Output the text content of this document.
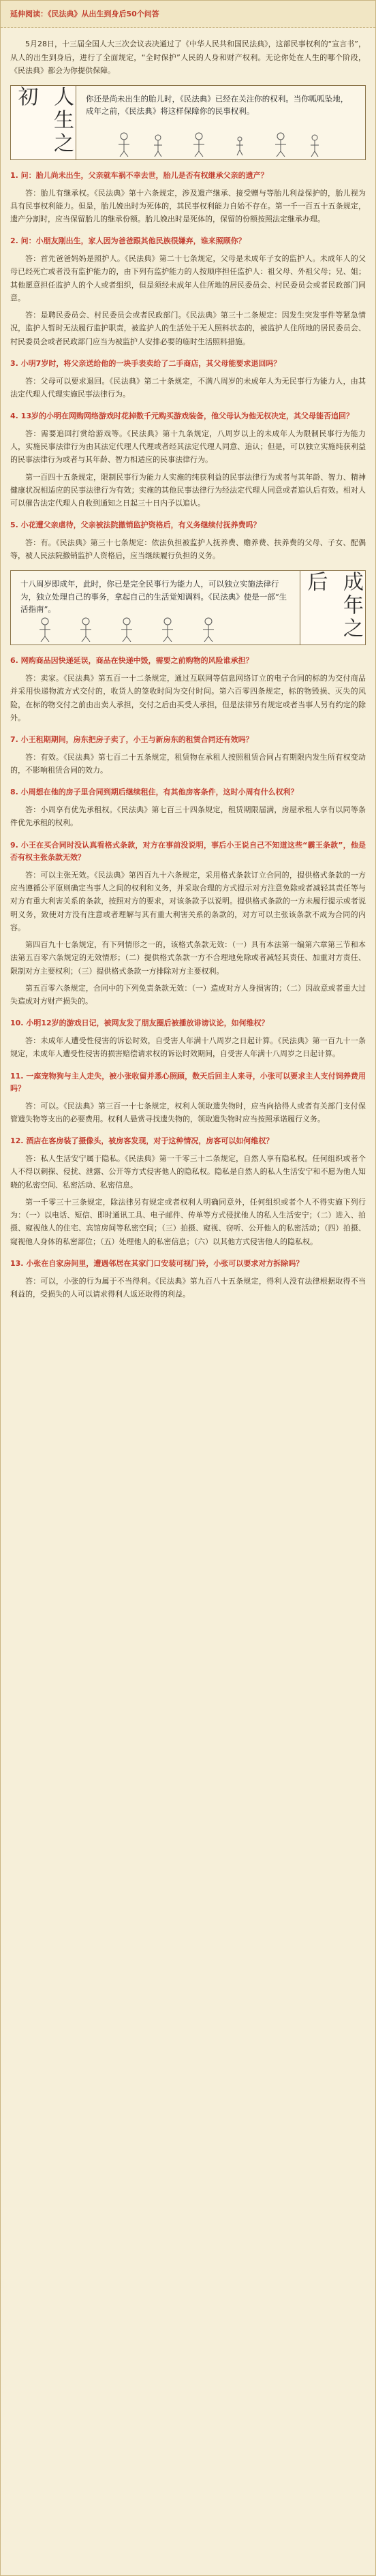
延伸阅读：《民法典》从出生到身后50个问答

5月28日，十三届全国人大三次会议表决通过了《中华人民共和国民法典》，这部民事权利的“宣言书”，从人的出生到身后，进行了全面规定，“全时保护”人民的人身和财产权利。无论你处在人生的哪个阶段，《民法典》都会为你提供保障。

人生之初	你还是尚未出生的胎儿时，《民法典》已经在关注你的权利。当你呱呱坠地，成年之前，《民法典》将这样保障你的民事权利。
1. 问：胎儿尚未出生，父亲就车祸不幸去世，胎儿是否有权继承父亲的遗产？

答：胎儿有继承权。《民法典》第十六条规定，涉及遗产继承、接受赠与等胎儿利益保护的，胎儿视为具有民事权利能力。但是，胎儿娩出时为死体的，其民事权利能力自始不存在。第一千一百五十五条规定，遗产分割时，应当保留胎儿的继承份额。胎儿娩出时是死体的，保留的份额按照法定继承办理。

2. 问：小朋友刚出生，家人因为爸爸跟其他民族很嫌弃，谁来照顾你？

答：首先爸爸妈妈是照护人。《民法典》第二十七条规定，父母是未成年子女的监护人。未成年人的父母已经死亡或者没有监护能力的，由下列有监护能力的人按顺序担任监护人：祖父母、外祖父母；兄、姐；其他愿意担任监护人的个人或者组织，但是须经未成年人住所地的居民委员会、村民委员会或者民政部门同意。

答：是聘民委员会、村民委员会或者民政部门。《民法典》第三十二条规定：因发生突发事件等紧急情况，监护人暂时无法履行监护职责，被监护人的生活处于无人照料状态的，被监护人住所地的居民委员会、村民委员会或者民政部门应当为被监护人安排必要的临时生活照料措施。

3. 小明7岁时，将父亲送给他的一块手表卖给了二手商店，其父母能要求退回吗？

答：父母可以要求退回。《民法典》第二十条规定，不满八周岁的未成年人为无民事行为能力人，由其法定代理人代理实施民事法律行为。

4. 13岁的小明在网购网络游戏时花掉数千元购买游戏装备，他父母认为他无权决定，其父母能否追回？

答：需要追回打赏给游戏等。《民法典》第十九条规定，八周岁以上的未成年人为限制民事行为能力人，实施民事法律行为由其法定代理人代理或者经其法定代理人同意、追认；但是，可以独立实施纯获利益的民事法律行为或者与其年龄、智力相适应的民事法律行为。

第一百四十五条规定，限制民事行为能力人实施的纯获利益的民事法律行为或者与其年龄、智力、精神健康状况相适应的民事法律行为有效；实施的其他民事法律行为经法定代理人同意或者追认后有效。相对人可以催告法定代理人自收到通知之日起三十日内予以追认。

5. 小花遭父亲虐待，父亲被法院撤销监护资格后，有义务继续付抚养费吗？

答：有。《民法典》第三十七条规定：依法负担被监护人抚养费、赡养费、扶养费的父母、子女、配偶等，被人民法院撤销监护人资格后，应当继续履行负担的义务。

十八周岁即成年，此时，你已是完全民事行为能力人，可以独立实施法律行为，独立处理自己的事务，拿起自己的生活觉知调料。《民法典》使是一部“生活指南”。	成年之后
6. 网购商品因快递延误，商品在快递中毁，需要之前购物的风险谁承担？

答：卖家。《民法典》第五百一十二条规定，通过互联网等信息网络订立的电子合同的标的为交付商品并采用快递物流方式交付的，收货人的签收时间为交付时间。第六百零四条规定，标的物毁损、灭失的风险，在标的物交付之前由出卖人承担，交付之后由买受人承担，但是法律另有规定或者当事人另有约定的除外。

7. 小王租期期间，房东把房子卖了，小王与新房东的租赁合同还有效吗？

答：有效。《民法典》第七百二十五条规定，租赁物在承租人按照租赁合同占有期限内发生所有权变动的，不影响租赁合同的效力。

8. 小周想在他的房子里合同到期后继续租住，有其他房客条件，这时小周有什么权利？

答：小周享有优先承租权。《民法典》第七百三十四条规定，租赁期限届满，房屋承租人享有以同等条件优先承租的权利。

9. 小王在买合同时没认真看格式条款，对方在事前没说明，事后小王说自己不知道这些“霸王条款”，他是否有权主张条款无效？

答：可以主张无效。《民法典》第四百九十六条规定，采用格式条款订立合同的，提供格式条款的一方应当遵循公平原则确定当事人之间的权利和义务，并采取合理的方式提示对方注意免除或者减轻其责任等与对方有重大利害关系的条款，按照对方的要求，对该条款予以说明。提供格式条款的一方未履行提示或者说明义务，致使对方没有注意或者理解与其有重大利害关系的条款的，对方可以主张该条款不成为合同的内容。

第四百九十七条规定，有下列情形之一的，该格式条款无效：（一）具有本法第一编第六章第三节和本法第五百零六条规定的无效情形；（二）提供格式条款一方不合理地免除或者减轻其责任、加重对方责任、限制对方主要权利；（三）提供格式条款一方排除对方主要权利。

第五百零六条规定，合同中的下列免责条款无效：（一）造成对方人身损害的；（二）因故意或者重大过失造成对方财产损失的。

10. 小明12岁的游戏日记，被网友发了朋友圈后被播放诽谤议论，如何维权？

答：未成年人遭受性侵害的诉讼时效，自受害人年满十八周岁之日起计算。《民法典》第一百九十一条规定，未成年人遭受性侵害的损害赔偿请求权的诉讼时效期间，自受害人年满十八周岁之日起计算。

11. 一座宠物狗与主人走失，被小张收留并悉心照顾，数天后回主人来寻，小张可以要求主人支付饲养费用吗？

答：可以。《民法典》第三百一十七条规定，权利人领取遗失物时，应当向拾得人或者有关部门支付保管遗失物等支出的必要费用。权利人悬赏寻找遗失物的，领取遗失物时应当按照承诺履行义务。

12. 酒店在客房装了摄像头，被房客发现，对于这种情况，房客可以如何维权？

答：私人生活安宁属于隐私。《民法典》第一千零三十二条规定，自然人享有隐私权。任何组织或者个人不得以刺探、侵扰、泄露、公开等方式侵害他人的隐私权。隐私是自然人的私人生活安宁和不愿为他人知晓的私密空间、私密活动、私密信息。

第一千零三十三条规定，除法律另有规定或者权利人明确同意外，任何组织或者个人不得实施下列行为：（一）以电话、短信、即时通讯工具、电子邮件、传单等方式侵扰他人的私人生活安宁；（二）进入、拍摄、窥视他人的住宅、宾馆房间等私密空间；（三）拍摄、窥视、窃听、公开他人的私密活动；（四）拍摄、窥视他人身体的私密部位；（五）处理他人的私密信息；（六）以其他方式侵害他人的隐私权。

13. 小张在自家房间里，遭遇邻居在其家门口安装可视门铃，小张可以要求对方拆除吗？

答：可以，小张的行为属于不当得利。《民法典》第九百八十五条规定，得利人没有法律根据取得不当利益的，受损失的人可以请求得利人返还取得的利益。
